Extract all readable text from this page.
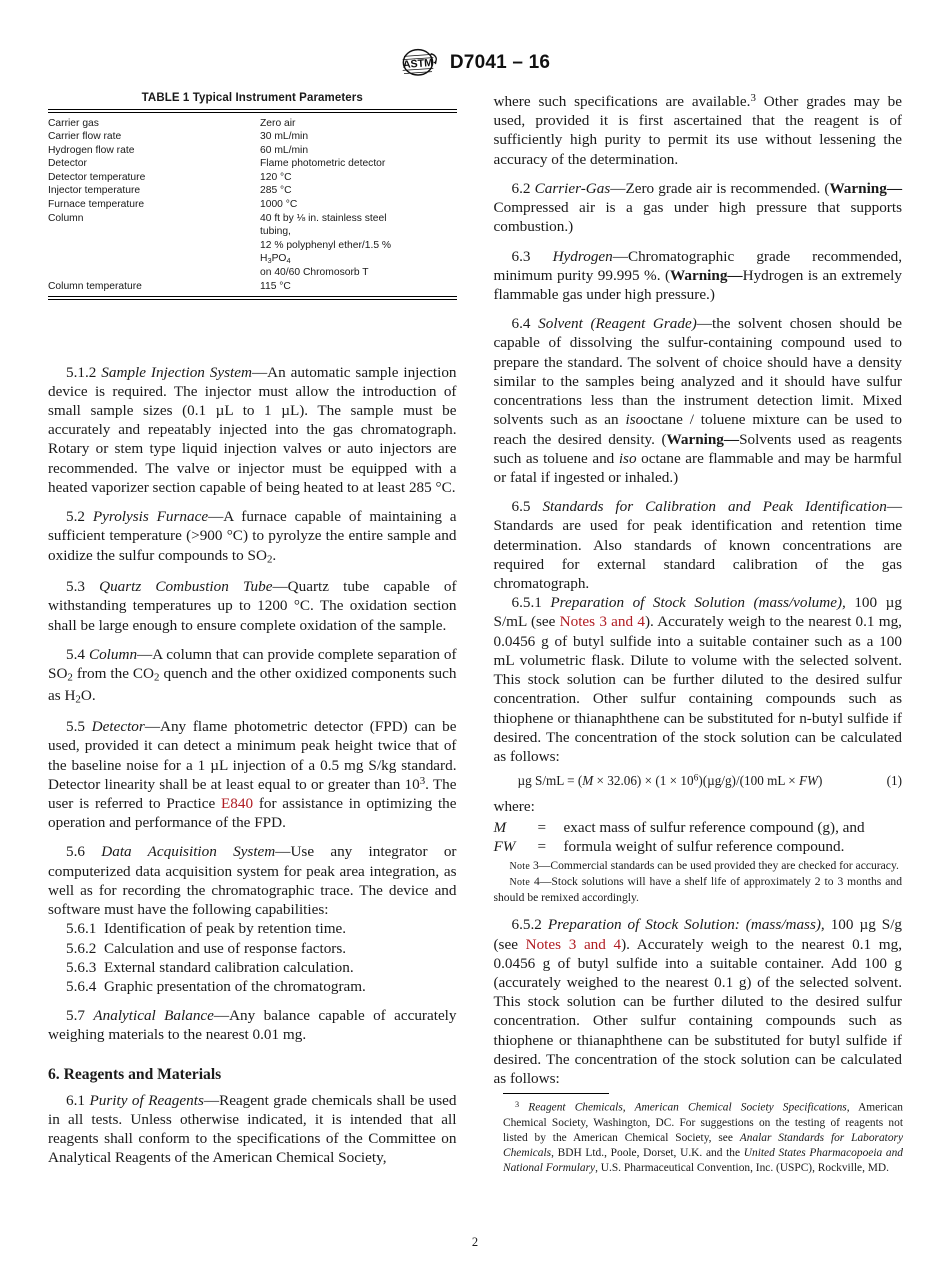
ASTM D7041 – 16
TABLE 1 Typical Instrument Parameters
Carrier gas	Zero air
Carrier flow rate	30 mL/min
Hydrogen flow rate	60 mL/min
Detector	Flame photometric detector
Detector temperature	120 °C
Injector temperature	285 °C
Furnace temperature	1000 °C
Column	40 ft by ⅛ in. stainless steel
	tubing,
	12 % polyphenyl ether/1.5 %
	$H_3PO_4$
	on 40/60 Chromosorb T
Column temperature	115 °C

5.1.2 Sample Injection System—An automatic sample injection device is required. The injector must allow the introduction of small sample sizes (0.1 µL to 1 µL). The sample must be accurately and repeatably injected into the gas chromatograph. Rotary or stem type liquid injection valves or auto injectors are recommended. The valve or injector must be equipped with a heated vaporizer section capable of being heated to at least 285 °C.

5.2 Pyrolysis Furnace—A furnace capable of maintaining a sufficient temperature (>900 °C) to pyrolyze the entire sample and oxidize the sulfur compounds to $SO_2$.

5.3 Quartz Combustion Tube—Quartz tube capable of withstanding temperatures up to 1200 °C. The oxidation section shall be large enough to ensure complete oxidation of the sample.

5.4 Column—A column that can provide complete separation of $SO_2$ from the $CO_2$ quench and the other oxidized components such as $H_2O$.

5.5 Detector—Any flame photometric detector (FPD) can be used, provided it can detect a minimum peak height twice that of the baseline noise for a 1 µL injection of a 0.5 mg S/kg standard. Detector linearity shall be at least equal to or greater than $10^3$. The user is referred to Practice E840 for assistance in optimizing the operation and performance of the FPD.

5.6 Data Acquisition System—Use any integrator or computerized data acquisition system for peak area integration, as well as for recording the chromatographic trace. The device and software must have the following capabilities:

5.6.1 Identification of peak by retention time.

5.6.2 Calculation and use of response factors.

5.6.3 External standard calibration calculation.

5.6.4 Graphic presentation of the chromatogram.

5.7 Analytical Balance—Any balance capable of accurately weighing materials to the nearest 0.01 mg.

6. Reagents and Materials

6.1 Purity of Reagents—Reagent grade chemicals shall be used in all tests. Unless otherwise indicated, it is intended that all reagents shall conform to the specifications of the Committee on Analytical Reagents of the American Chemical Society,

where such specifications are available.$^3$ Other grades may be used, provided it is first ascertained that the reagent is of sufficiently high purity to permit its use without lessening the accuracy of the determination.

6.2 Carrier-Gas—Zero grade air is recommended. (Warning—Compressed air is a gas under high pressure that supports combustion.)

6.3 Hydrogen—Chromatographic grade recommended, minimum purity 99.995 %. (Warning—Hydrogen is an extremely flammable gas under high pressure.)

6.4 Solvent (Reagent Grade)—the solvent chosen should be capable of dissolving the sulfur-containing compound used to prepare the standard. The solvent of choice should have a density similar to the samples being analyzed and it should have sulfur concentrations less than the instrument detection limit. Mixed solvents such as an isooctane / toluene mixture can be used to reach the desired density. (Warning—Solvents used as reagents such as toluene and iso octane are flammable and may be harmful or fatal if ingested or inhaled.)

6.5 Standards for Calibration and Peak Identification—Standards are used for peak identification and retention time determination. Also standards of known concentrations are required for external standard calibration of the gas chromatograph.

6.5.1 Preparation of Stock Solution (mass/volume), 100 µg S/mL (see Notes 3 and 4). Accurately weigh to the nearest 0.1 mg, 0.0456 g of butyl sulfide into a suitable container such as a 100 mL volumetric flask. Dilute to volume with the selected solvent. This stock solution can be further diluted to the desired sulfur concentration. Other sulfur containing compounds such as thiophene or thianaphthene can be substituted for n-butyl sulfide if desired. The concentration of the stock solution can be calculated as follows:

(1)
µg $S/mL = (M \times 32.06) \times (1 \times 10^6)(\mu g/g)/(100$ mL × FW)

where:

M	=	exact mass of sulfur reference compound (g), and
FW	=	formula weight of sulfur reference compound.

Note 3—Commercial standards can be used provided they are checked for accuracy.

Note 4—Stock solutions will have a shelf life of approximately 2 to 3 months and should be remixed accordingly.

6.5.2 Preparation of Stock Solution: (mass/mass), 100 µg S/g (see Notes 3 and 4). Accurately weigh to the nearest 0.1 mg, 0.0456 g of butyl sulfide into a suitable container. Add 100 g (accurately weighed to the nearest 0.1 g) of the selected solvent. This stock solution can be further diluted to the desired sulfur concentration. Other sulfur containing compounds such as thiophene or thianaphthene can be substituted for butyl sulfide if desired. The concentration of the stock solution can be calculated as follows:

$^3$ Reagent Chemicals, American Chemical Society Specifications, American Chemical Society, Washington, DC. For suggestions on the testing of reagents not listed by the American Chemical Society, see Analar Standards for Laboratory Chemicals, BDH Ltd., Poole, Dorset, U.K. and the United States Pharmacopoeia and National Formulary, U.S. Pharmaceutical Convention, Inc. (USPC), Rockville, MD.

2
